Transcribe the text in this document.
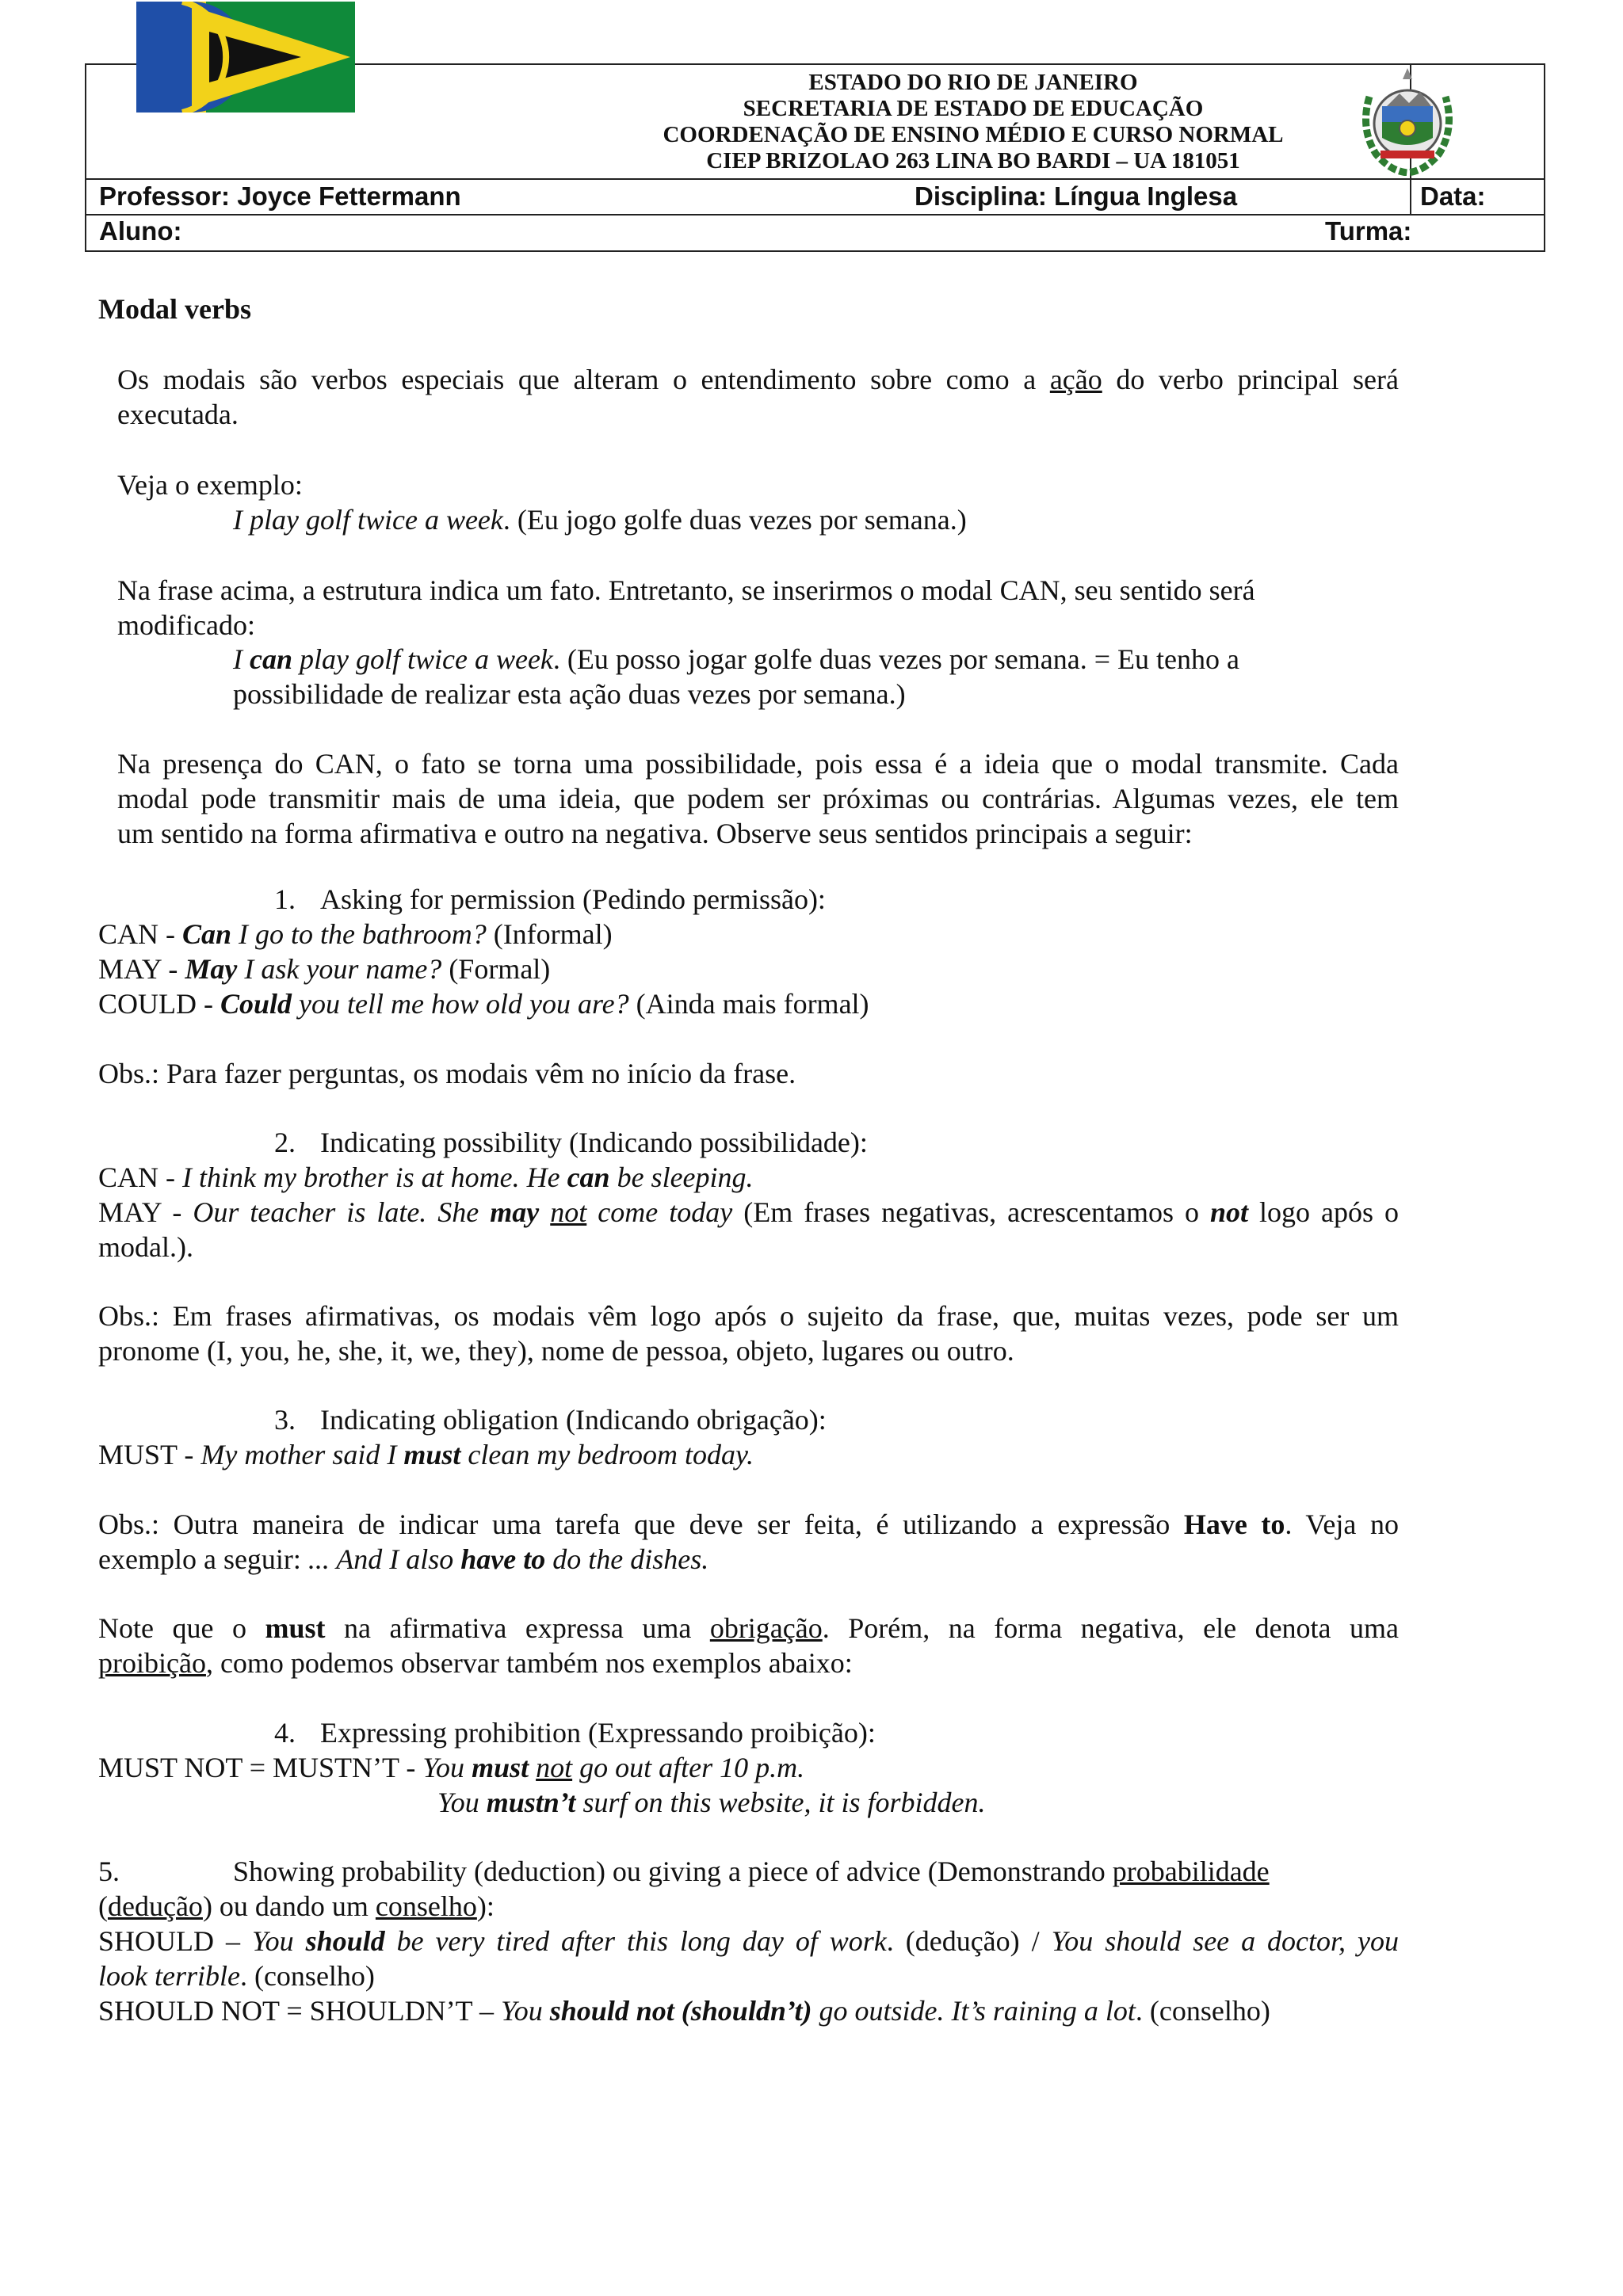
ESTADO DO RIO DE JANEIRO
SECRETARIA DE ESTADO DE EDUCAÇÃO
COORDENAÇÃO DE ENSINO MÉDIO E CURSO NORMAL
CIEP BRIZOLAO 263 LINA BO BARDI – UA 181051
Professor: Joyce Fettermann	Disciplina: Língua Inglesa	Data:
Aluno:	Turma:
Modal verbs
Os modais são verbos especiais que alteram o entendimento sobre como a ação do verbo principal será
executada.
Veja o exemplo:
I play golf twice a week. (Eu jogo golfe duas vezes por semana.)
Na frase acima, a estrutura indica um fato. Entretanto, se inserirmos o modal CAN, seu sentido será
modificado:
I can play golf twice a week. (Eu posso jogar golfe duas vezes por semana. = Eu tenho a
possibilidade de realizar esta ação duas vezes por semana.)
Na presença do CAN, o fato se torna uma possibilidade, pois essa é a ideia que o modal transmite. Cada
modal pode transmitir mais de uma ideia, que podem ser próximas ou contrárias. Algumas vezes, ele tem
um sentido na forma afirmativa e outro na negativa. Observe seus sentidos principais a seguir:
1. Asking for permission (Pedindo permissão):
CAN - Can I go to the bathroom? (Informal)
MAY - May I ask your name? (Formal)
COULD - Could you tell me how old you are? (Ainda mais formal)
Obs.: Para fazer perguntas, os modais vêm no início da frase.
2. Indicating possibility (Indicando possibilidade):
CAN - I think my brother is at home. He can be sleeping.
MAY - Our teacher is late. She may not come today (Em frases negativas, acrescentamos o not logo após o
modal.).
Obs.: Em frases afirmativas, os modais vêm logo após o sujeito da frase, que, muitas vezes, pode ser um
pronome (I, you, he, she, it, we, they), nome de pessoa, objeto, lugares ou outro.
3. Indicating obligation (Indicando obrigação):
MUST - My mother said I must clean my bedroom today.
Obs.: Outra maneira de indicar uma tarefa que deve ser feita, é utilizando a expressão Have to. Veja no
exemplo a seguir: ... And I also have to do the dishes.
Note que o must na afirmativa expressa uma obrigação. Porém, na forma negativa, ele denota uma
proibição, como podemos observar também nos exemplos abaixo:
4. Expressing prohibition (Expressando proibição):
MUST NOT = MUSTN’T - You must not go out after 10 p.m.
You mustn’t surf on this website, it is forbidden.
5.	Showing probability (deduction) ou giving a piece of advice (Demonstrando probabilidade
(dedução) ou dando um conselho):
SHOULD – You should be very tired after this long day of work. (dedução) / You should see a doctor, you
look terrible. (conselho)
SHOULD NOT = SHOULDN’T – You should not (shouldn’t) go outside. It’s raining a lot. (conselho)
